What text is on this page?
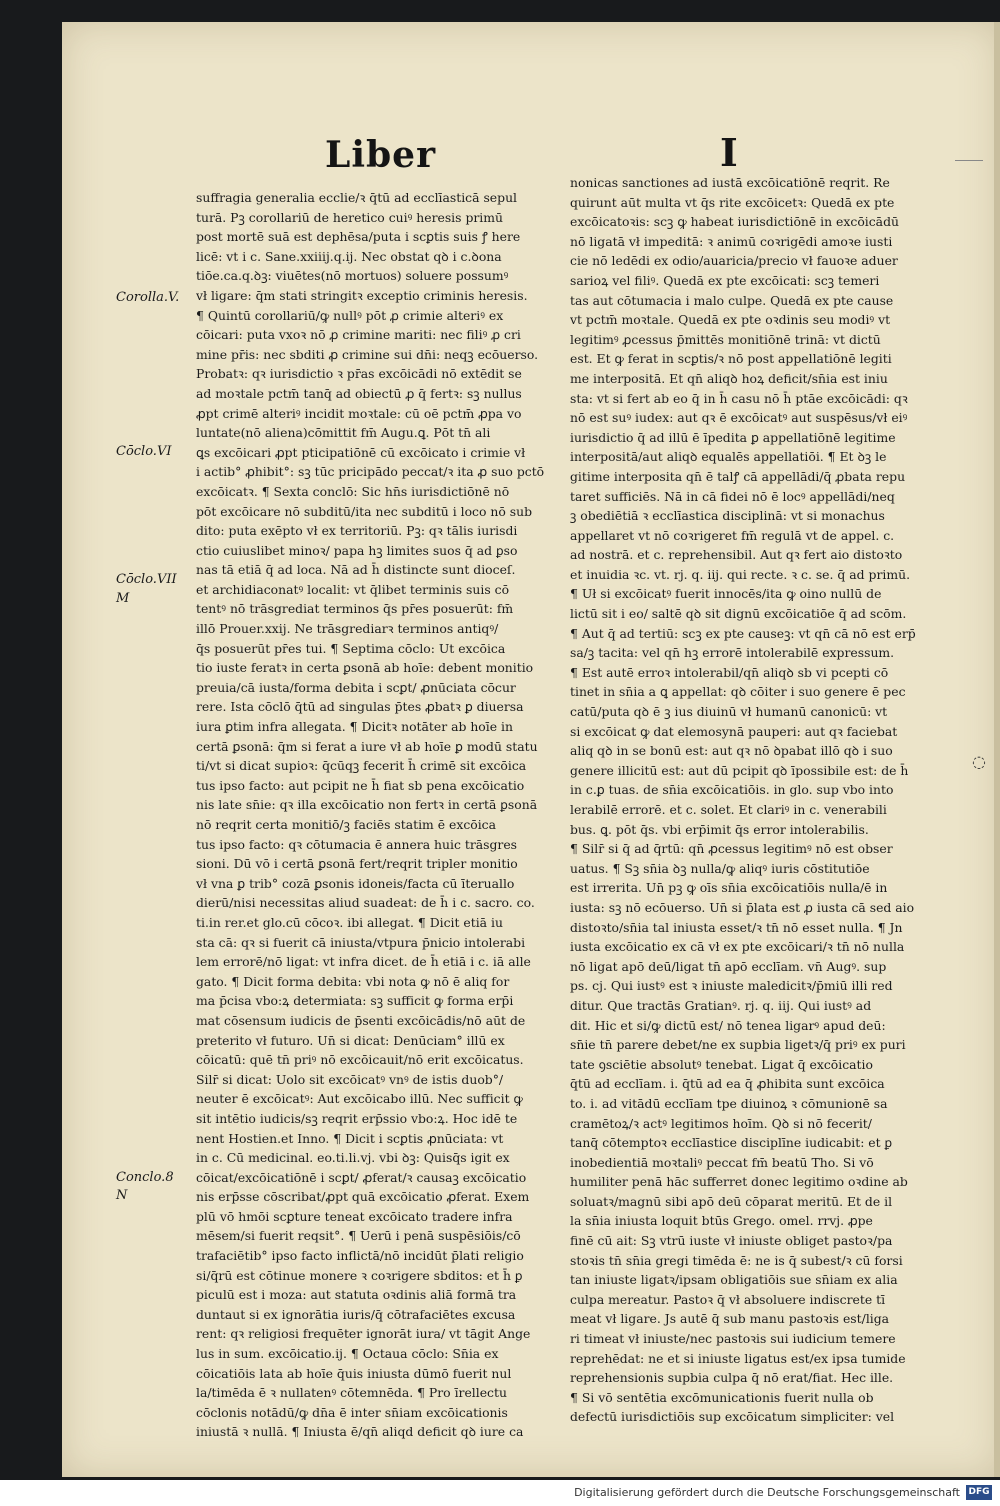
Liber	I
Corolla.V.
Cōclo.VI
Cōclo.VII
M
Conclo.8
N
suffragia generalia ecclie/ꝛ q̄tū ad ecclīasticā sepul
turā. Pꝫ corollariū de heretico cuiꝰ heresis primū
post mortē suā est dephēsa/puta i scꝑtis suis ꝭ here
licē: vt i c. Sane.xxiiij.q.ij. Nec obstat qꝺ i c.ꝺona
tiōe.ca.q.ꝺꝫ: viuētes(nō mortuos) soluere possumꝰ
vł ligare: q̄m stati stringitꝛ exceptio criminis heresis.
¶ Quintū corollariū/ꝙ nullꝰ pōt ꝓ crimie alteriꝰ ex
cōicari: puta vxoꝛ nō ꝓ crimine mariti: nec filiꝰ ꝓ cri
mine pr̄is: nec sbditi ꝓ crimine sui dn̄i: neqꝫ ecōuerso.
Probatꝛ: qꝛ iurisdictio ꝛ pr̄as excōicādi nō extēdit se
ad moꝛtale pctm̄ tanq̄ ad obiectū ꝓ q̄ fertꝛ: sꝫ nullus
ꝓpt crimē alteriꝰ incidit moꝛtale: cū oē pctm̄ ꝓpa vo
luntate(nō aliena)cōmittit fm̄ Augu.ꝗ. Pōt tn̄ ali
ꝗs excōicari ꝓpt pticipatiōnē cū excōicato i crimie vł
i actib° ꝓhibit°: sꝫ tūc pricipādo peccat/ꝛ ita ꝓ suo pctō
excōicatꝛ. ¶ Sexta conclō: Sic hn̄s iurisdictiōnē nō
pōt excōicare nō subditū/ita nec subditū i loco nō sub
dito: puta exēpto vł ex territoriū. Pꝫ: qꝛ tālis iurisdi
ctio cuiuslibet minoꝛ/ papa hꝫ limites suos q̄ ad ꝑso
nas tā etiā q̄ ad loca. Nā ad h̄ distincte sunt dioceſ.
et archidiaconatꝰ localit: vt q̄libet terminis suis cō
tentꝰ nō trāsgrediat terminos q̄s pr̄es posuerūt: fm̄
illō Prouer.xxij. Ne trāsgrediarꝛ terminos antiqꝰ/
q̄s posuerūt pr̄es tui. ¶ Septima cōclo: Ut excōica
tio iuste feratꝛ in certa ꝑsonā ab hoīe: debent monitio
preuia/cā iusta/forma debita i scꝑt/ ꝓnūciata cōcur
rere. Ista cōclō q̄tū ad singulas p̄tes ꝓbatꝛ ꝑ diuersa
iura ꝑtim infra allegata. ¶ Dicitꝛ notāter ab hoīe in
certā ꝑsonā: q̄m si ferat a iure vł ab hoīe ꝑ modū statu
ti/vt si dicat supioꝛ: q̄cūqꝫ fecerit h̄ crimē sit excōica
tus ipso facto: aut pcipit ne h̄ fiat sb pena excōicatio
nis late sn̄ie: qꝛ illa excōicatio non fertꝛ in certā ꝑsonā
nō reqrit certa monitiō/ꝫ faciēs statim ē excōica
tus ipso facto: qꝛ cōtumacia ē annera huic trāsgres
sioni. Dū vō i certā ꝑsonā fert/reqrit tripler monitio
vł vna ꝑ trib° cozā ꝑsonis idoneis/facta cū īteruallo
dierū/nisi necessitas aliud suadeat: de h̄ i c. sacro. co.
ti.in rer.et glo.cū cōcoꝛ. ibi allegat. ¶ Dicit etiā iu
sta cā: qꝛ si fuerit cā iniusta/vtpura p̄nicio intolerabi
lem errorē/nō ligat: vt infra dicet. de h̄ etiā i c. iā alle
gato. ¶ Dicit forma debita: vbi nota ꝙ nō ē aliq for
ma p̄cisa vbo:ꝝ determiata: sꝫ sufficit ꝙ forma erp̄i
mat cōsensum iudicis de p̄senti excōicādis/nō aūt de
preterito vł futuro. Un̄ si dicat: Denūciam° illū ex
cōicatū: quē tn̄ priꝰ nō excōicauit/nō erit excōicatus.
Silr̄ si dicat: Uolo sit excōicatꝰ vnꝰ de istis duob°/
neuter ē excōicatꝰ: Aut excōicabo illū. Nec sufficit ꝙ
sit intētio iudicis/sꝫ reqrit erp̄ssio vbo:ꝝ. Hoc idē te
nent Hostien.et Inno. ¶ Dicit i scꝑtis ꝓnūciata: vt
in c. Cū medicinal. eo.ti.li.vj. vbi ꝺꝫ: Quisq̄s igit ex
cōicat/excōicatiōnē i scꝑt/ ꝓferat/ꝛ causaꝫ excōicatio
nis erp̄sse cōscribat/ꝓpt quā excōicatio ꝓferat. Exem
plū vō hmōi scꝑture teneat excōicato tradere infra
mēsem/si fuerit reqsit°. ¶ Uerū i penā suspēsiōis/cō
trafaciētib° ipso facto inflictā/nō incidūt p̄lati religio
si/q̄rū est cōtinue monere ꝛ coꝛrigere sbditos: et h̄ ꝑ
piculū est i moza: aut statuta oꝛdinis aliā formā tra
duntaut si ex ignorātia iuris/q̄ cōtrafaciētes excusa
rent: qꝛ religiosi frequēter ignorāt iura/ vt tāgit Ange
lus in sum. excōicatio.ij. ¶ Octaua cōclo: Sn̄ia ex
cōicatiōis lata ab hoīe q̄uis iniusta dūmō fuerit nul
la/timēda ē ꝛ nullatenꝰ cōtemnēda. ¶ Pro īrellectu
cōclonis notādū/ꝙ dn̄a ē inter sn̄iam excōicationis
iniustā ꝛ nullā. ¶ Iniusta ē/qn̄ aliqd deficit qꝺ iure ca
nonicas sanctiones ad iustā excōicatiōnē reqrit. Re
quirunt aūt multa vt q̄s rite excōicetꝛ: Quedā ex pte
excōicatoꝛis: scꝫ ꝙ habeat iurisdictiōnē in excōicādū
nō ligatā vł impeditā: ꝛ animū coꝛrigēdi amoꝛe iusti
cie nō ledēdi ex odio/auaricia/precio vł fauoꝛe aduer
sarioꝝ vel filiꝰ. Quedā ex pte excōicati: scꝫ temeri
tas aut cōtumacia i malo culpe. Quedā ex pte cause
vt pctm̄ moꝛtale. Quedā ex pte oꝛdinis seu modiꝰ vt
legitimꝰ ꝓcessus p̄mittēs monitiōnē trinā: vt dictū
est. Et ꝙ ferat in scꝑtis/ꝛ nō post appellatiōnē legiti
me interpositā. Et qn̄ aliqꝺ hoꝝ deficit/sn̄ia est iniu
sta: vt si fert ab eo q̄ in h̄ casu nō h̄ ptāe excōicādi: qꝛ
nō est suꝰ iudex: aut qꝛ ē excōicatꝰ aut suspēsus/vł eiꝰ
iurisdictio q̄ ad illū ē īpedita ꝑ appellatiōnē legitime
interpositā/aut aliqꝺ equalēs appellatiōi. ¶ Et ꝺꝫ le
gitime interposita qn̄ ē talꝭ cā appellādi/q̄ ꝓbata repu
taret sufficiēs. Nā in cā fidei nō ē locꝰ appellādi/neq
ꝫ obediētiā ꝛ ecclīastica disciplinā: vt si monachus
appellaret vt nō coꝛrigeret fm̄ regulā vt de appel. c.
ad nostrā. et c. reprehensibil. Aut qꝛ fert aio distoꝛto
et inuidia ꝛc. vt. rj. q. iij. qui recte. ꝛ c. se. q̄ ad primū.
¶ Uł si excōicatꝰ fuerit innocēs/ita ꝙ oino nullū de
lictū sit i eo/ saltē qꝺ sit dignū excōicatiōe q̄ ad scōm.
¶ Aut q̄ ad tertiū: scꝫ ex pte causeꝫ: vt qn̄ cā nō est erp̄
sa/ꝫ tacita: vel qn̄ hꝫ errorē intolerabilē expressum.
¶ Est autē erroꝛ intolerabil/qn̄ aliqꝺ sb vi pcepti cō
tinet in sn̄ia a ꝗ appellat: qꝺ cōiter i suo genere ē pec
catū/puta qꝺ ē ꝫ ius diuinū vł humanū canonicū: vt
si excōicat ꝙ dat elemosynā pauperi: aut qꝛ faciebat
aliq qꝺ in se bonū est: aut qꝛ nō ꝺpabat illō qꝺ i suo
genere illicitū est: aut dū pcipit qꝺ īpossibile est: de h̄
in c.ꝑ tuas. de sn̄ia excōicatiōis. in glo. sup vbo into
lerabilē errorē. et c. solet. Et clariꝰ in c. venerabili
bus. ꝗ. pōt q̄s. vbi erp̄imit q̄s error intolerabilis.
¶ Silr̄ si q̄ ad q̄rtū: qn̄ ꝓcessus legitimꝰ nō est obser
uatus. ¶ Sꝫ sn̄ia ꝺꝫ nulla/ꝙ aliqꝰ iuris cōstitutiōe
est irrerita. Un̄ pꝫ ꝙ oīs sn̄ia excōicatiōis nulla/ē in
iusta: sꝫ nō ecōuerso. Un̄ si p̄lata est ꝓ iusta cā sed aio
distoꝛto/sn̄ia tal iniusta esset/ꝛ tn̄ nō esset nulla. ¶ Jn
iusta excōicatio ex cā vł ex pte excōicari/ꝛ tn̄ nō nulla
nō ligat apō deū/ligat tn̄ apō ecclīam. vn̄ Augꝰ. sup
ps. cj. Qui iustꝰ est ꝛ iniuste maledicitꝛ/p̄miū illi red
ditur. Que tractās Gratianꝰ. rj. q. iij. Qui iustꝰ ad
dit. Hic et si/ꝙ dictū est/ nō tenea ligarꝰ apud deū:
sn̄ie tn̄ parere debet/ne ex supbia ligetꝛ/q̄ priꝰ ex puri
tate ꝯsciētie absolutꝰ tenebat. Ligat q̄ excōicatio
q̄tū ad ecclīam. i. q̄tū ad ea q̄ ꝓhibita sunt excōica
to. i. ad vitādū ecclīam tpe diuinoꝝ ꝛ cōmunionē sa
cramētoꝝ/ꝛ actꝰ legitimos hoīm. Qꝺ si nō fecerit/
tanq̄ cōtemptoꝛ ecclīastice disciplīne iudicabit: et ꝑ
inobedientiā moꝛtaliꝰ peccat fm̄ beatū Tho. Si vō
humiliter penā hāc sufferret donec legitimo oꝛdine ab
soluatꝛ/magnū sibi apō deū cōparat meritū. Et de il
la sn̄ia iniusta loquit btūs Grego. omel. rrvj. ꝓpe
finē cū ait: Sꝫ vtrū iuste vł iniuste obliget pastoꝛ/pa
stoꝛis tn̄ sn̄ia gregi timēda ē: ne is q̄ subest/ꝛ cū forsi
tan iniuste ligatꝛ/ipsam obligatiōis sue sn̄iam ex alia
culpa mereatur. Pastoꝛ q̄ vł absoluere indiscrete tī
meat vł ligare. Js autē q̄ sub manu pastoꝛis est/liga
ri timeat vł iniuste/nec pastoꝛis sui iudicium temere
reprehēdat: ne et si iniuste ligatus est/ex ipsa tumide
reprehensionis supbia culpa q̄ nō erat/fiat. Hec ille.
¶ Si vō sentētia excōmunicationis fuerit nulla ob
defectū iurisdictiōis sup excōicatum simpliciter: vel
◌
Digitalisierung gefördert durch die Deutsche Forschungsgemeinschaft DFG
